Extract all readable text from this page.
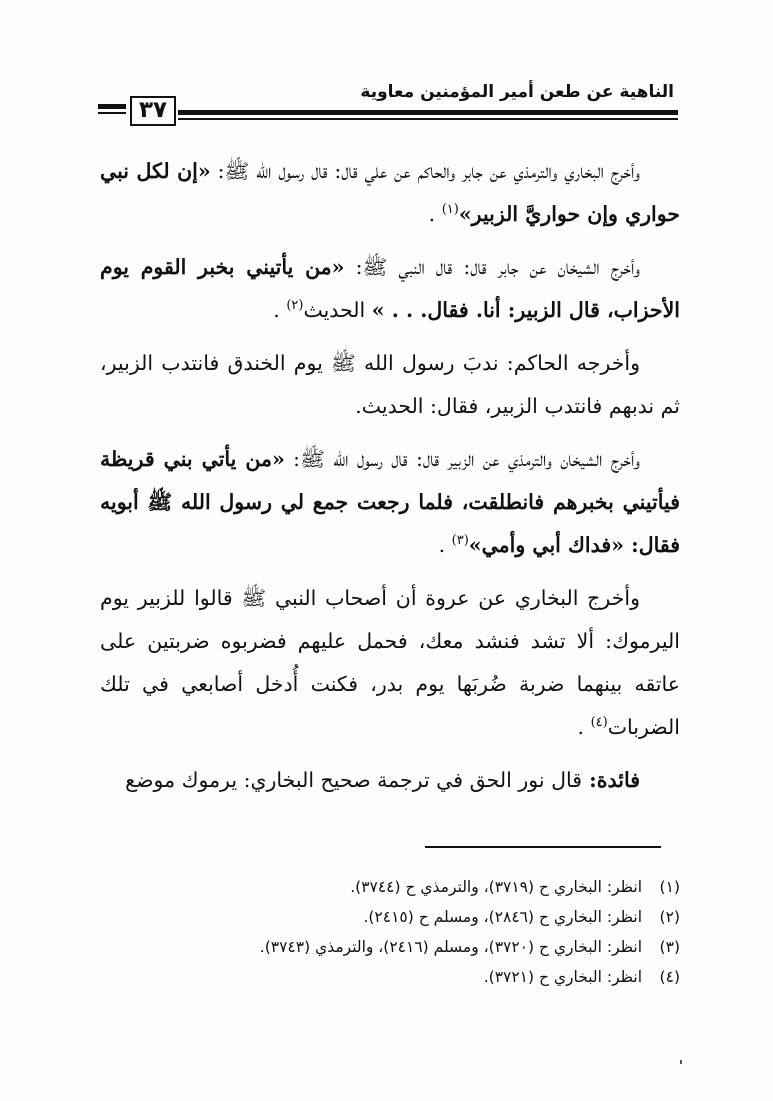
٣٧
الناهية عن طعن أمير المؤمنين معاوية

وأخرج البخاري والترمذي عن جابر والحاكم عن علي قال: قال رسول الله ﷺ: «إن لكل نبي حواري وإن حواريَّ الزبير»$^{(١)}$ .

وأخرج الشيخان عن جابر قال: قال النبي ﷺ: «من يأتيني بخبر القوم يوم الأحزاب، قال الزبير: أنا. فقال. . . » الحديث$^{(٢)}$ .

وأخرجه الحاكم: ندبَ رسول الله ﷺ يوم الخندق فانتدب الزبير، ثم ندبهم فانتدب الزبير، فقال: الحديث.

وأخرج الشيخان والترمذي عن الزبير قال: قال رسول الله ﷺ: «من يأتي بني قريظة فيأتيني بخبرهم فانطلقت، فلما رجعت جمع لي رسول الله ﷺ أبويه فقال: «فداك أبي وأمي»$^{(٣)}$ .

وأخرج البخاري عن عروة أن أصحاب النبي ﷺ قالوا للزبير يوم اليرموك: ألا تشد فنشد معك، فحمل عليهم فضربوه ضربتين على عاتقه بينهما ضربة ضُربَها يوم بدر، فكنت أُدخل أصابعي في تلك الضربات$^{(٤)}$ .

فائدة: قال نور الحق في ترجمة صحيح البخاري: يرموك موضع

(١)انظر: البخاري ح (٣٧١٩)، والترمذي ح (٣٧٤٤).
(٢)انظر: البخاري ح (٢٨٤٦)، ومسلم ح (٢٤١٥).
(٣)انظر: البخاري ح (٣٧٢٠)، ومسلم (٢٤١٦)، والترمذي (٣٧٤٣).
(٤)انظر: البخاري ح (٣٧٢١).
